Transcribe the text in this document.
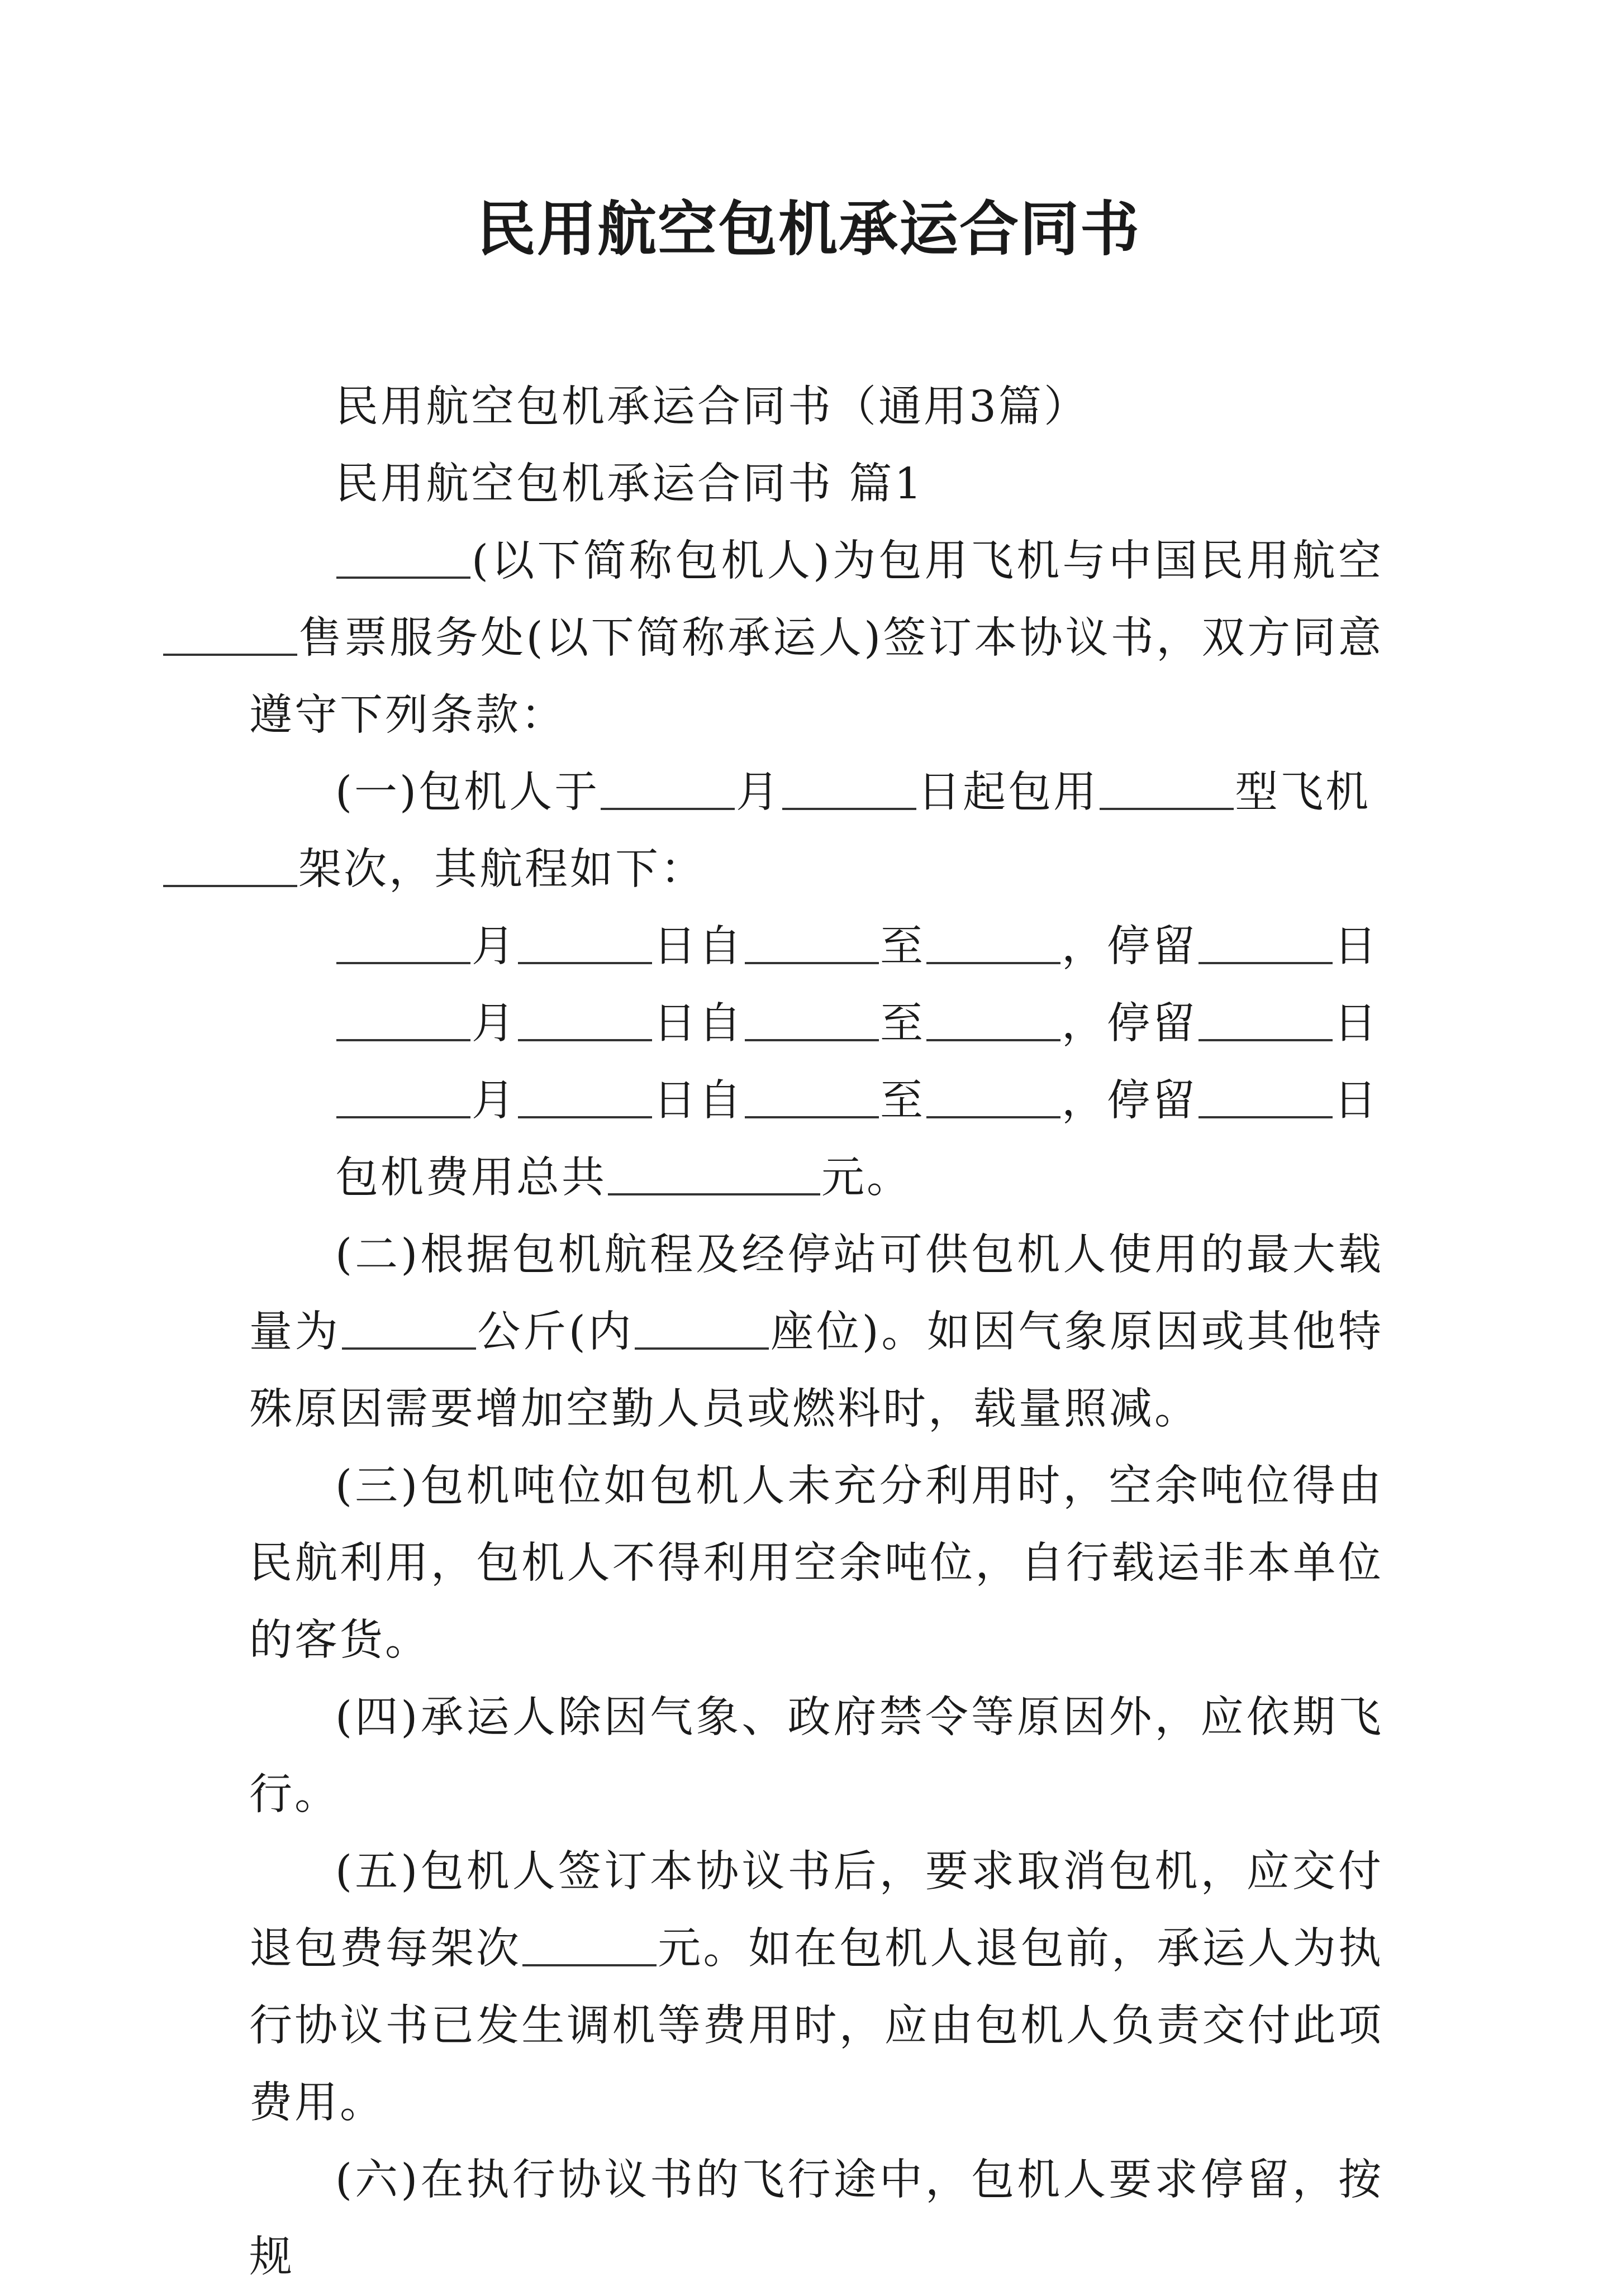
民用航空包机承运合同书

民用航空包机承运合同书（通用3篇）

民用航空包机承运合同书 篇1

(以下简称包机人)为包用飞机与中国民用航空售票服务处(以下简称承运人)签订本协议书，双方同意遵守下列条款：

(一)包机人于	月	日起包用	型飞机
架次，其航程如下：

月	日自	至	，停留	日

月	日自	至	，停留	日

月	日自	至	，停留	日

包机费用总共	元。

(二)根据包机航程及经停站可供包机人使用的最大载量为	公斤(内	座位)。如因气象原因或其他特殊原因需要增加空勤人员或燃料时，载量照减。

(三)包机吨位如包机人未充分利用时，空余吨位得由民航利用，包机人不得利用空余吨位，自行载运非本单位的客货。

(四)承运人除因气象、政府禁令等原因外，应依期飞行。

(五)包机人签订本协议书后，要求取消包机，应交付退包费每架次	元。如在包机人退包前，承运人为执行协议书已发生调机等费用时，应由包机人负责交付此项费用。

(六)在执行协议书的飞行途中，包机人要求停留，按规
